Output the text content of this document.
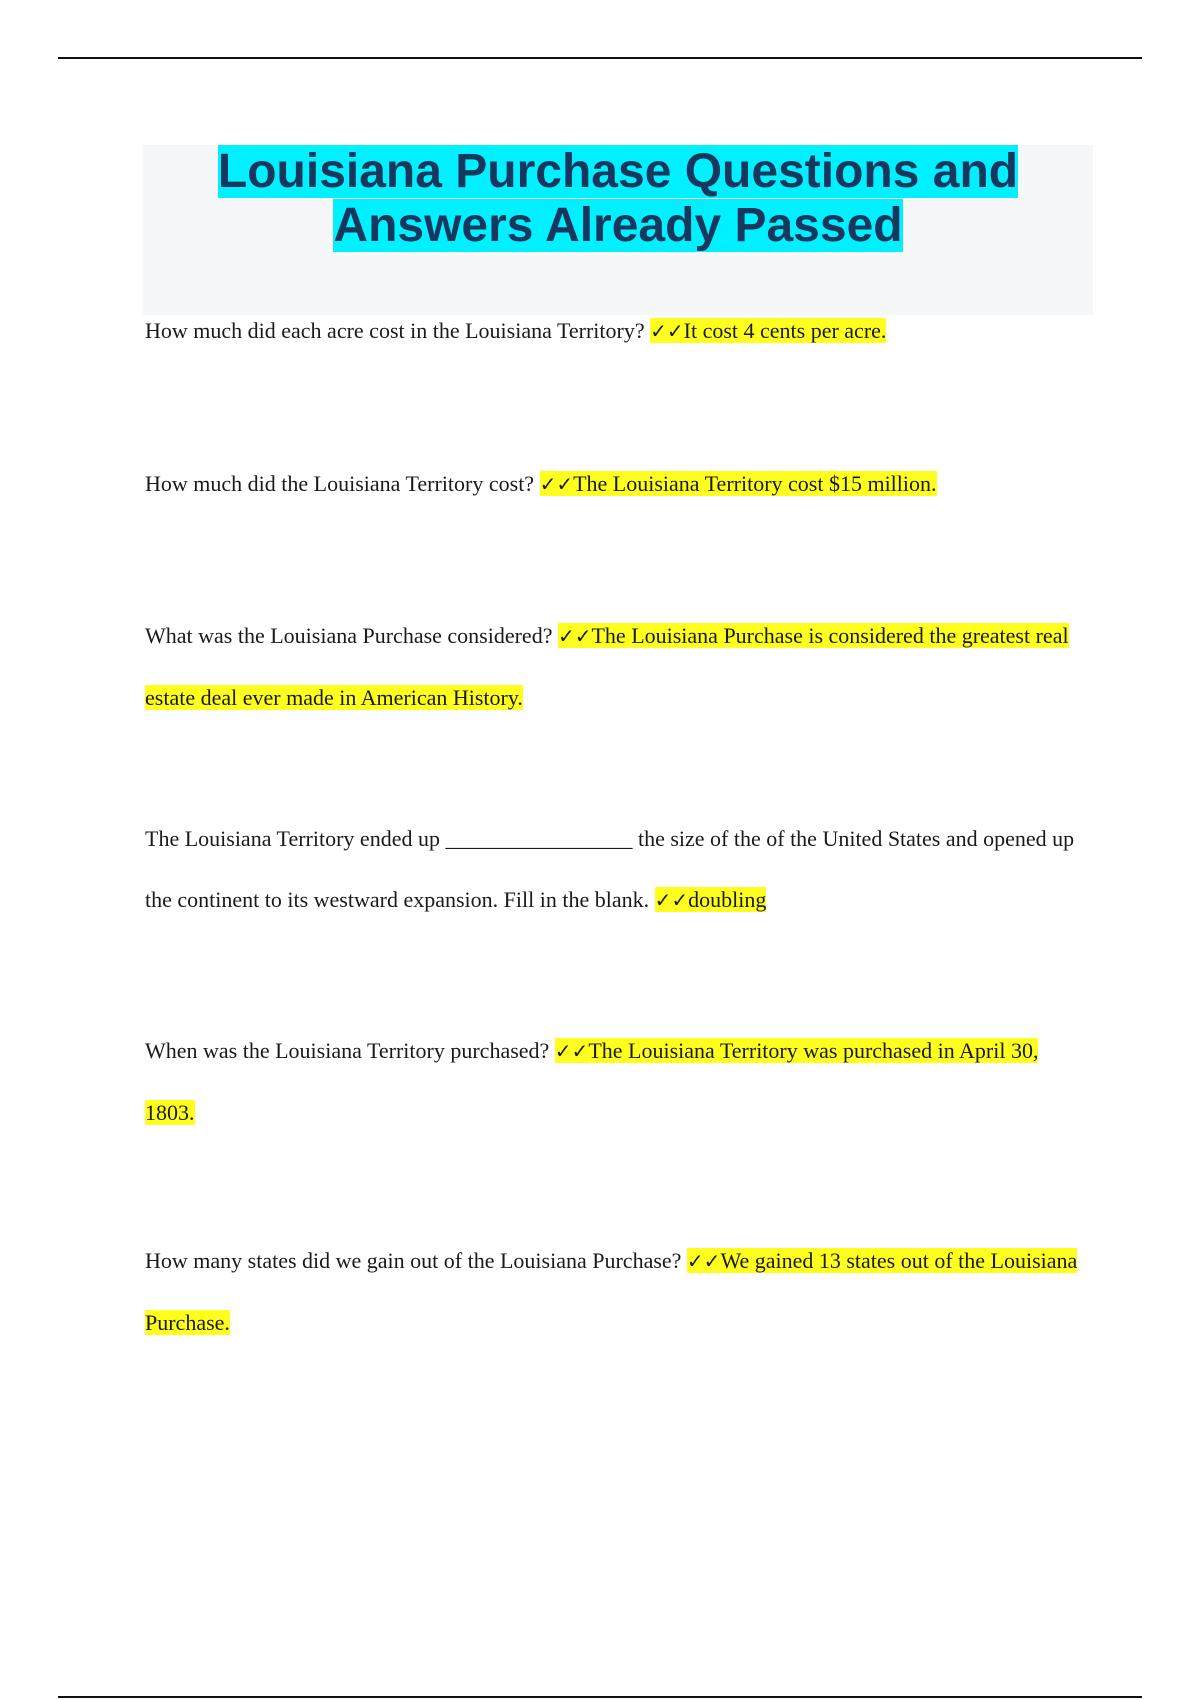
Louisiana Purchase Questions and
Answers Already Passed

How much did each acre cost in the Louisiana Territory? ✓✓It cost 4 cents per acre.

How much did the Louisiana Territory cost? ✓✓The Louisiana Territory cost $15 million.

What was the Louisiana Purchase considered? ✓✓The Louisiana Purchase is considered the greatest real estate deal ever made in American History.

The Louisiana Territory ended up _________________ the size of the of the United States and opened up the continent to its westward expansion. Fill in the blank. ✓✓doubling

When was the Louisiana Territory purchased? ✓✓The Louisiana Territory was purchased in April 30, 1803.

How many states did we gain out of the Louisiana Purchase? ✓✓We gained 13 states out of the Louisiana Purchase.
